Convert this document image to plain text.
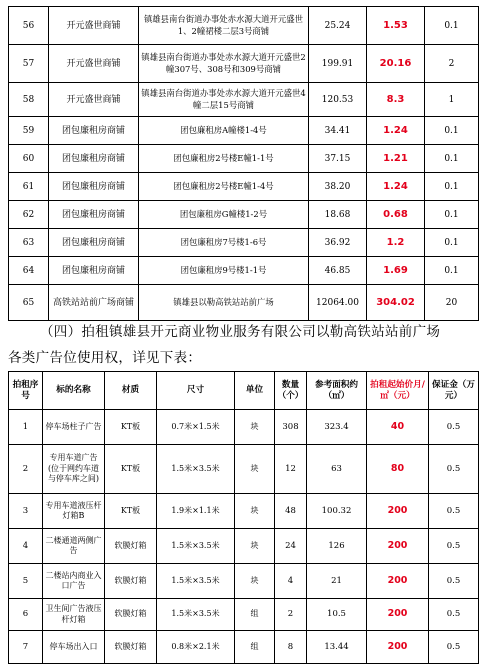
56	开元盛世商铺	镇雄县南台街道办事处赤水源大道开元盛世1、2幢裙楼二层3号商铺	25.24	1.53	0.1
57	开元盛世商铺	镇雄县南台街道办事处赤水源大道开元盛世2幢307号、308号和309号商铺	199.91	20.16	2
58	开元盛世商铺	镇雄县南台街道办事处赤水源大道开元盛世4幢二层15号商铺	120.53	8.3	1
59	团包廉租房商铺	团包廉租房A幢楼1-4号	34.41	1.24	0.1
60	团包廉租房商铺	团包廉租房2号楼E幢1-1号	37.15	1.21	0.1
61	团包廉租房商铺	团包廉租房2号楼E幢1-4号	38.20	1.24	0.1
62	团包廉租房商铺	团包廉租房G幢楼1-2号	18.68	0.68	0.1
63	团包廉租房商铺	团包廉租房7号楼1-6号	36.92	1.2	0.1
64	团包廉租房商铺	团包廉租房9号楼1-1号	46.85	1.69	0.1
65	高铁站站前广场商铺	镇雄县以勒高铁站站前广场	12064.00	304.02	20
（四）拍租镇雄县开元商业物业服务有限公司以勒高铁站站前广场
各类广告位使用权，详见下表：
拍租序号	标的名称	材质	尺寸	单位	数量（个）	参考面积约（㎡）	拍租起始价月/㎡（元）	保证金（万元）
1	停车场柱子广告	KT板	0.7米×1.5米	块	308	323.4	40	0.5
2	专用车道广告(位于网约车道与停车库之间)	KT板	1.5米×3.5米	块	12	63	80	0.5
3	专用车道液压杆灯箱B	KT板	1.9米×1.1米	块	48	100.32	200	0.5
4	二楼通道两侧广告	软膜灯箱	1.5米×3.5米	块	24	126	200	0.5
5	二楼站内商业入口广告	软膜灯箱	1.5米×3.5米	块	4	21	200	0.5
6	卫生间广告液压杆灯箱	软膜灯箱	1.5米×3.5米	组	2	10.5	200	0.5
7	停车场出入口	软膜灯箱	0.8米×2.1米	组	8	13.44	200	0.5
